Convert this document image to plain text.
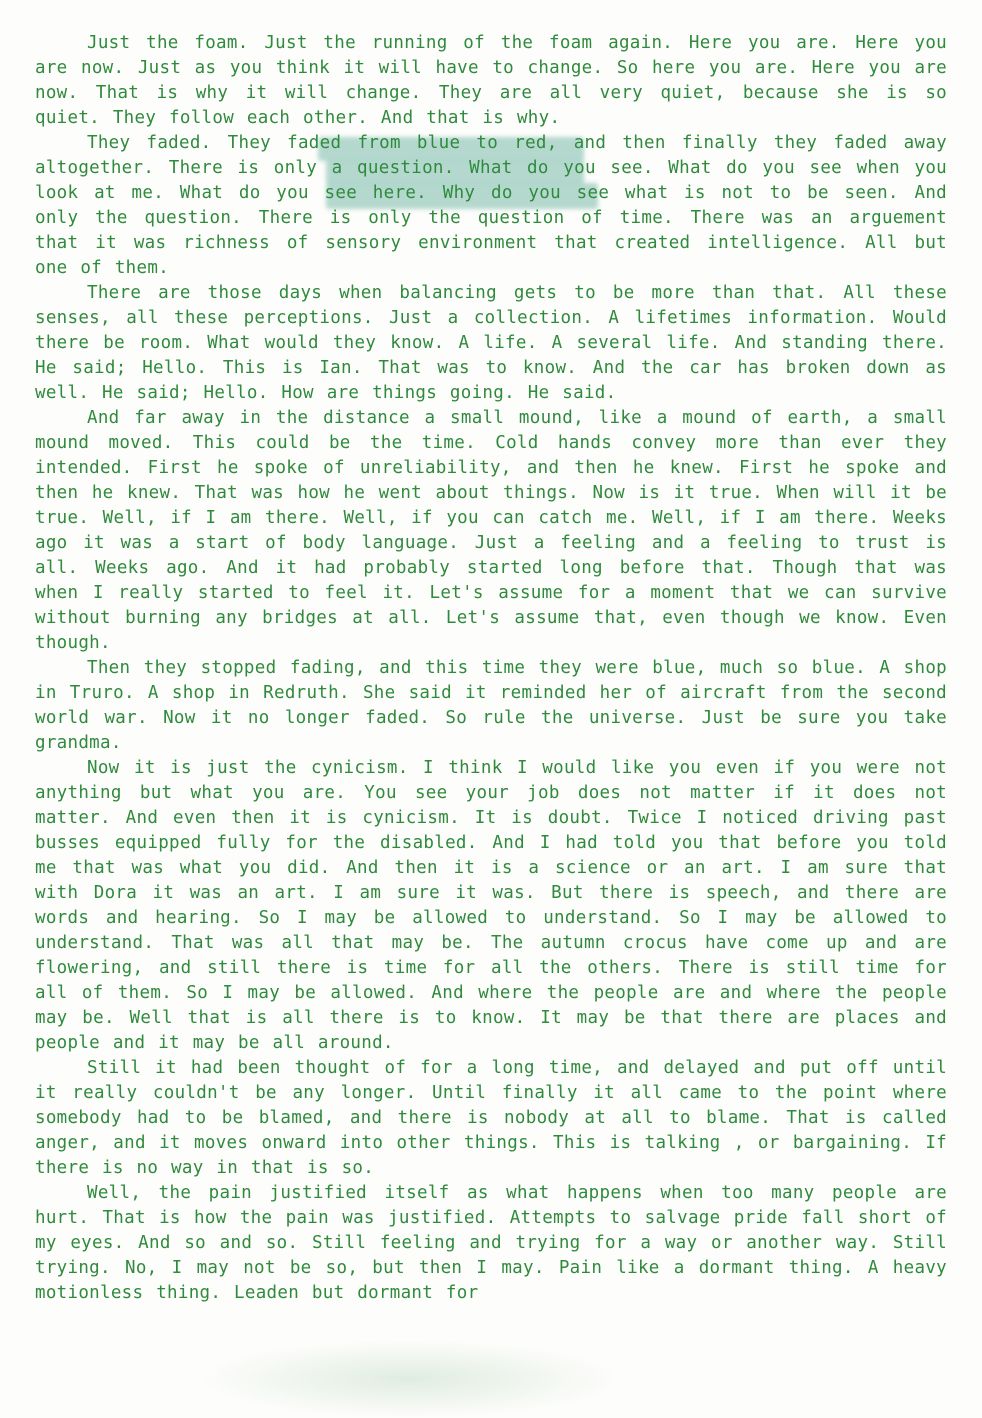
Just the foam. Just the running of the foam again. Here you are. Here you are now. Just as you think it will have to change. So here you are. Here you are now. That is why it will change. They are all very quiet, because she is so quiet. They follow each other. And that is why.

They faded. They faded from blue to red, and then finally they faded away altogether. There is only a question. What do you see. What do you see when you look at me. What do you see here. Why do you see what is not to be seen. And only the question. There is only the question of time. There was an arguement that it was richness of sensory environment that created intelligence. All but one of them.

There are those days when balancing gets to be more than that. All these senses, all these perceptions. Just a collection. A lifetimes information. Would there be room. What would they know. A life. A several life. And standing there. He said; Hello. This is Ian. That was to know. And the car has broken down as well. He said; Hello. How are things going. He said.

And far away in the distance a small mound, like a mound of earth, a small mound moved. This could be the time. Cold hands convey more than ever they intended. First he spoke of unreliability, and then he knew. First he spoke and then he knew. That was how he went about things. Now is it true. When will it be true. Well, if I am there. Well, if you can catch me. Well, if I am there. Weeks ago it was a start of body language. Just a feeling and a feeling to trust is all. Weeks ago. And it had probably started long before that. Though that was when I really started to feel it. Let's assume for a moment that we can survive without burning any bridges at all. Let's assume that, even though we know. Even though.

Then they stopped fading, and this time they were blue, much so blue. A shop in Truro. A shop in Redruth. She said it reminded her of aircraft from the second world war. Now it no longer faded. So rule the universe. Just be sure you take grandma.

Now it is just the cynicism. I think I would like you even if you were not anything but what you are. You see your job does not matter if it does not matter. And even then it is cynicism. It is doubt. Twice I noticed driving past busses equipped fully for the disabled. And I had told you that before you told me that was what you did. And then it is a science or an art. I am sure that with Dora it was an art. I am sure it was. But there is speech, and there are words and hearing. So I may be allowed to understand. So I may be allowed to understand. That was all that may be. The autumn crocus have come up and are flowering, and still there is time for all the others. There is still time for all of them. So I may be allowed. And where the people are and where the people may be. Well that is all there is to know. It may be that there are places and people and it may be all around.

Still it had been thought of for a long time, and delayed and put off until it really couldn't be any longer. Until finally it all came to the point where somebody had to be blamed, and there is nobody at all to blame. That is called anger, and it moves onward into other things. This is talking , or bargaining. If there is no way in that is so.

Well, the pain justified itself as what happens when too many people are hurt. That is how the pain was justified. Attempts to salvage pride fall short of my eyes. And so and so. Still feeling and trying for a way or another way. Still trying. No, I may not be so, but then I may. Pain like a dormant thing. A heavy motionless thing. Leaden but dormant for
